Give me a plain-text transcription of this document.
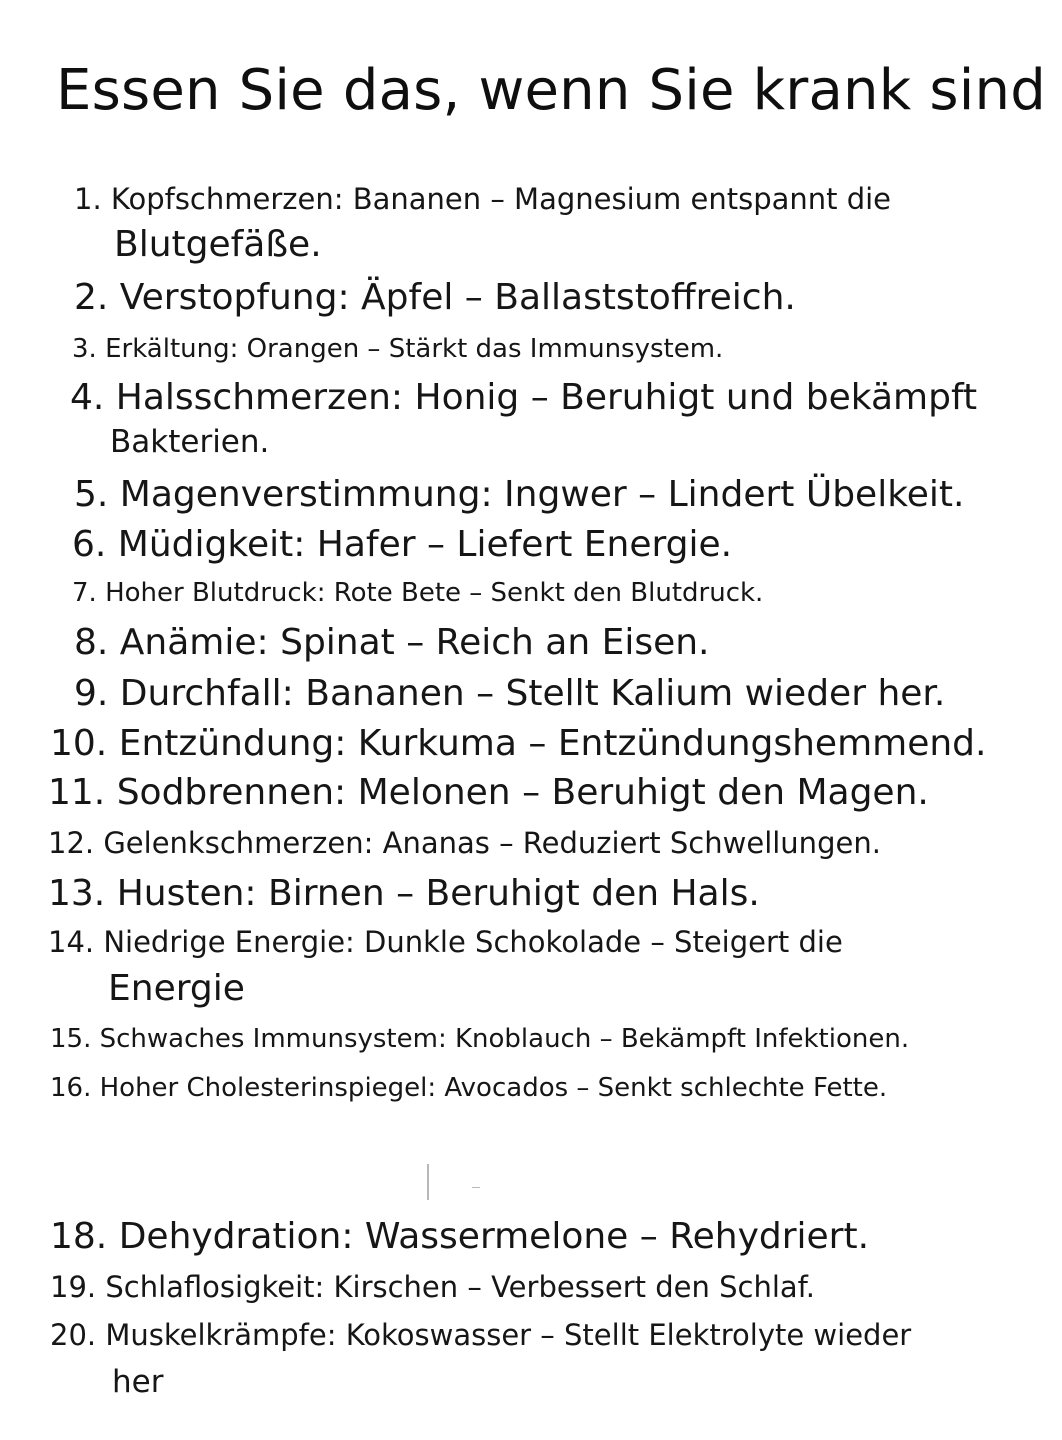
Essen Sie das, wenn Sie krank sind
1. Kopfschmerzen: Bananen – Magnesium entspannt die
Blutgefäße.
2. Verstopfung: Äpfel – Ballaststoffreich.
3. Erkältung: Orangen – Stärkt das Immunsystem.
4. Halsschmerzen: Honig – Beruhigt und bekämpft
Bakterien.
5. Magenverstimmung: Ingwer – Lindert Übelkeit.
6. Müdigkeit: Hafer – Liefert Energie.
7. Hoher Blutdruck: Rote Bete – Senkt den Blutdruck.
8. Anämie: Spinat – Reich an Eisen.
9. Durchfall: Bananen – Stellt Kalium wieder her.
10. Entzündung: Kurkuma – Entzündungshemmend.
11. Sodbrennen: Melonen – Beruhigt den Magen.
12. Gelenkschmerzen: Ananas – Reduziert Schwellungen.
13. Husten: Birnen – Beruhigt den Hals.
14. Niedrige Energie: Dunkle Schokolade – Steigert die
Energie
15. Schwaches Immunsystem: Knoblauch – Bekämpft Infektionen.
16. Hoher Cholesterinspiegel: Avocados – Senkt schlechte Fette.
18. Dehydration: Wassermelone – Rehydriert.
19. Schlaflosigkeit: Kirschen – Verbessert den Schlaf.
20. Muskelkrämpfe: Kokoswasser – Stellt Elektrolyte wieder
her
